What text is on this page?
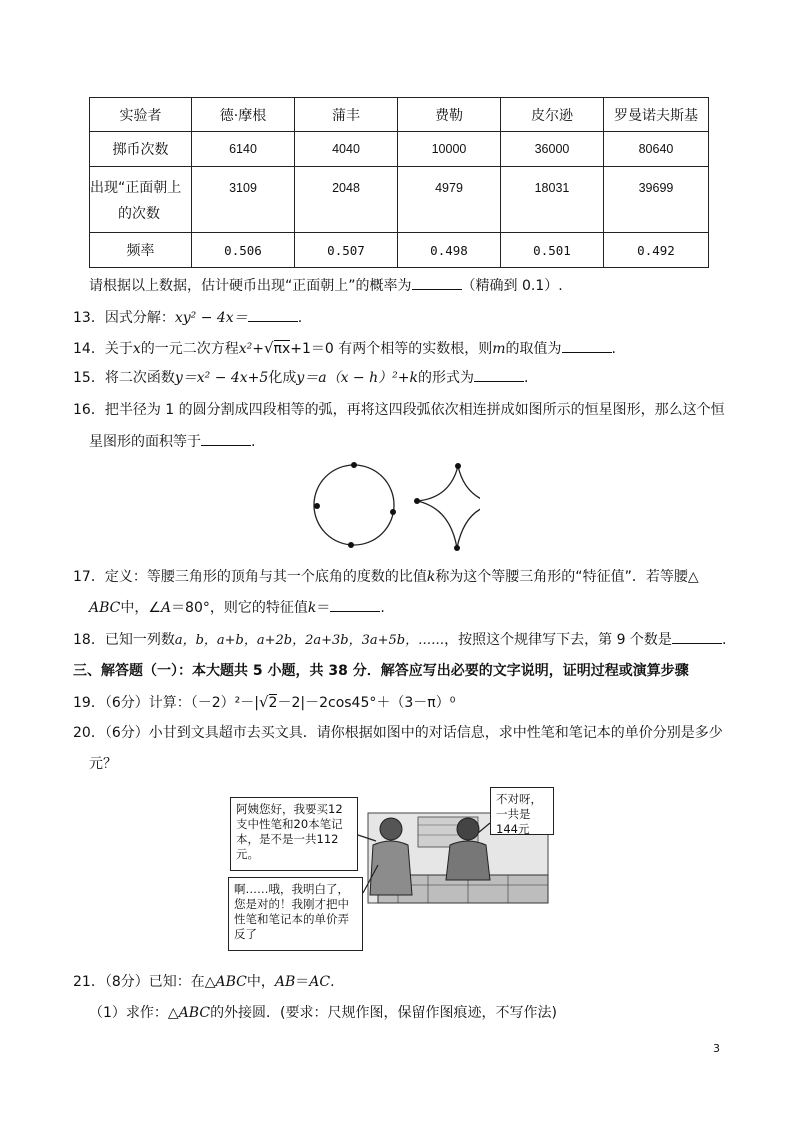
实验者	德·摩根	蒲丰	费勒	皮尔逊	罗曼诺夫斯基
掷币次数	6140	4040	10000	36000	80640

出现“正面朝上
的次数	3109	2048	4979	18031	39699
频率	0.506	0.507	0.498	0.501	0.492
请根据以上数据，估计硬币出现“正面朝上”的概率为	（精确到 0.1）.
13．因式分解：xy² − 4x＝	.
14．关于x的一元二次方程x²+√πx+1＝0 有两个相等的实数根，则m的取值为	.
15．将二次函数y＝x² − 4x+5化成y＝a（x − h）²+k的形式为	.
16．把半径为 1 的圆分割成四段相等的弧，再将这四段弧依次相连拼成如图所示的恒星图形，那么这个恒
星图形的面积等于	.
17．定义：等腰三角形的顶角与其一个底角的度数的比值k称为这个等腰三角形的“特征值”．若等腰△
ABC中，∠A＝80°，则它的特征值k＝	.
18．已知一列数a，b，a+b，a+2b，2a+3b，3a+5b，……，按照这个规律写下去，第 9 个数是	.
三、解答题（一）：本大题共 5 小题，共 38 分．解答应写出必要的文字说明，证明过程或演算步骤
19．（6分）计算：（－2）²－|√2－2|－2cos45°＋（3－π）⁰
20．（6分）小甘到文具超市去买文具．请你根据如图中的对话信息，求中性笔和笔记本的单价分别是多少
元？
阿姨您好，我要买12支中性笔和20本笔记本，是不是一共112元。
不对呀，一共是144元
啊……哦，我明白了，您是对的！我刚才把中性笔和笔记本的单价弄反了
21．（8分）已知：在△ABC中，AB＝AC.
（1）求作：△ABC的外接圆．(要求：尺规作图，保留作图痕迹，不写作法)
3
